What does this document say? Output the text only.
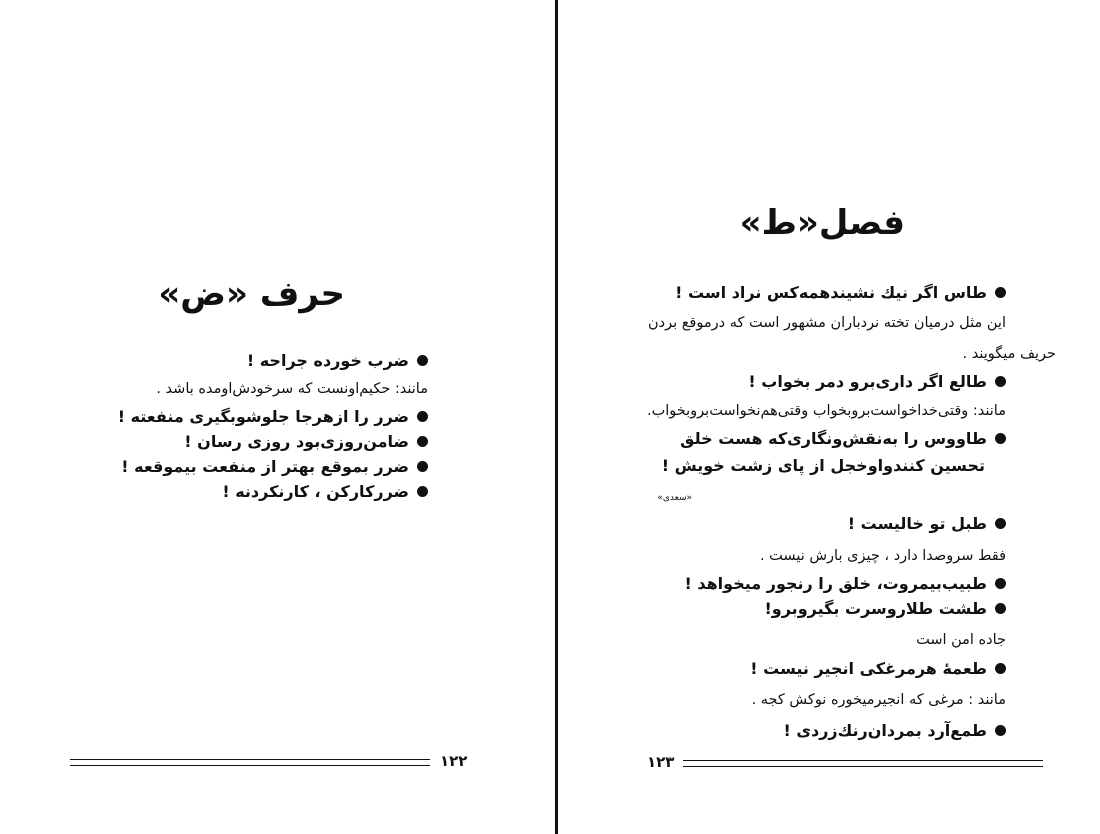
حرف «ض»
ضرب خورده جراحه !
مانند: حکیم‌اونست که سرخودش‌اومده باشد .
ضرر را ازهرجا جلوشوبگیری منفعته !
ضامن‌روزی‌بود روزی رسان !
ضرر بموقع بهتر از منفعت بیموقعه !
ضررکارکن ، کارنکردنه !
۱۲۲
فصل«ط»
طاس اگر نیك نشیندهمه‌کس نراد است !
این مثل درمیان تخته نردباران مشهور است که درموقع بردن
حریف میگویند .
طالع اگر داری‌برو دمر بخواب !
مانند: وقتی‌خداخواست‌بروبخواب وقتی‌هم‌نخواست‌بروبخواب.
طاووس را به‌نقش‌ونگاری‌که هست خلق
تحسین کنندواوخجل از پای زشت خویش !
«سعدی»
طبل تو خالیست !
فقط سروصدا دارد ، چیزی بارش نیست .
طبیب‌بیمروت، خلق را رنجور میخواهد !
طشت طلاروسرت بگیروبرو!
جاده امن است
طعمهٔ هرمرغکی انجیر نیست !
مانند : مرغی که انجیرمیخوره نوکش کجه .
طمع‌آرد بمردان‌رنك‌زردی !
۱۲۳
